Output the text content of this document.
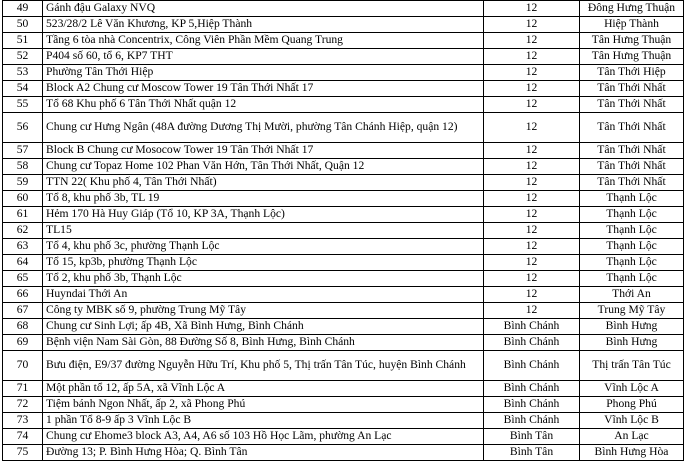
49	Gánh đậu Galaxy NVQ	12	Đông Hưng Thuận
50	523/28/2 Lê Văn Khương, KP 5,Hiệp Thành	12	Hiệp Thành
51	Tầng 6 tòa nhà Concentrix, Công Viên Phần Mềm Quang Trung	12	Tân Hưng Thuận
52	P404 số 60, tổ 6, KP7 THT	12	Tân Hưng Thuận
53	Phường Tân Thới Hiệp	12	Tân Thới Hiệp
54	Block A2 Chung cư Moscow Tower 19 Tân Thới Nhất 17	12	Tân Thới Nhất
55	Tổ 68 Khu phố 6 Tân Thới Nhất quận 12	12	Tân Thới Nhất
56	Chung cư Hưng Ngân (48A đường Dương Thị Mười, phường Tân Chánh Hiệp, quận 12)	12	Tân Thới Nhất
57	Block B Chung cư Mosocow Tower 19 Tân Thới Nhất 17	12	Tân Thới Nhất
58	Chung cư Topaz Home 102 Phan Văn Hớn, Tân Thới Nhất, Quận 12	12	Tân Thới Nhất
59	TTN 22( Khu phố 4, Tân Thới Nhất)	12	Tân Thới Nhất
60	Tổ 8, khu phố 3b, TL 19	12	Thạnh Lộc
61	Hẻm 170 Hà Huy Giáp (Tổ 10, KP 3A, Thạnh Lộc)	12	Thạnh Lộc
62	TL15	12	Thạnh Lộc
63	Tổ 4, khu phố 3c, phường Thạnh Lộc	12	Thạnh Lộc
64	Tổ 15, kp3b, phường Thạnh Lộc	12	Thạnh Lộc
65	Tổ 2, khu phố 3b, Thạnh Lộc	12	Thạnh Lộc
66	Huyndai Thới An	12	Thới An
67	Công ty MBK số 9, phường Trung Mỹ Tây	12	Trung Mỹ Tây
68	Chung cư Sinh Lợi; ấp 4B, Xã Bình Hưng, Bình Chánh	Bình Chánh	Bình Hưng
69	Bệnh viện Nam Sài Gòn, 88 Đường Số 8, Bình Hưng, Bình Chánh	Bình Chánh	Bình Hưng
70	Bưu điện, E9/37 đường Nguyễn Hữu Trí, Khu phố 5, Thị trấn Tân Túc, huyện Bình Chánh	Bình Chánh	Thị trấn Tân Túc
71	Một phần tổ 12, ấp 5A, xã Vĩnh Lộc A	Bình Chánh	Vĩnh Lộc A
72	Tiệm bánh Ngon Nhất, ấp 2, xã Phong Phú	Bình Chánh	Phong Phú
73	1 phần Tổ 8-9 ấp 3 Vĩnh Lộc B	Bình Chánh	Vĩnh Lộc B
74	Chung cư Ehome3 block A3, A4, A6 số 103 Hồ Học Lãm, phường An Lạc	Bình Tân	An Lạc
75	Đường 13; P. Bình Hưng Hòa; Q. Bình Tân	Bình Tân	Bình Hưng Hòa
